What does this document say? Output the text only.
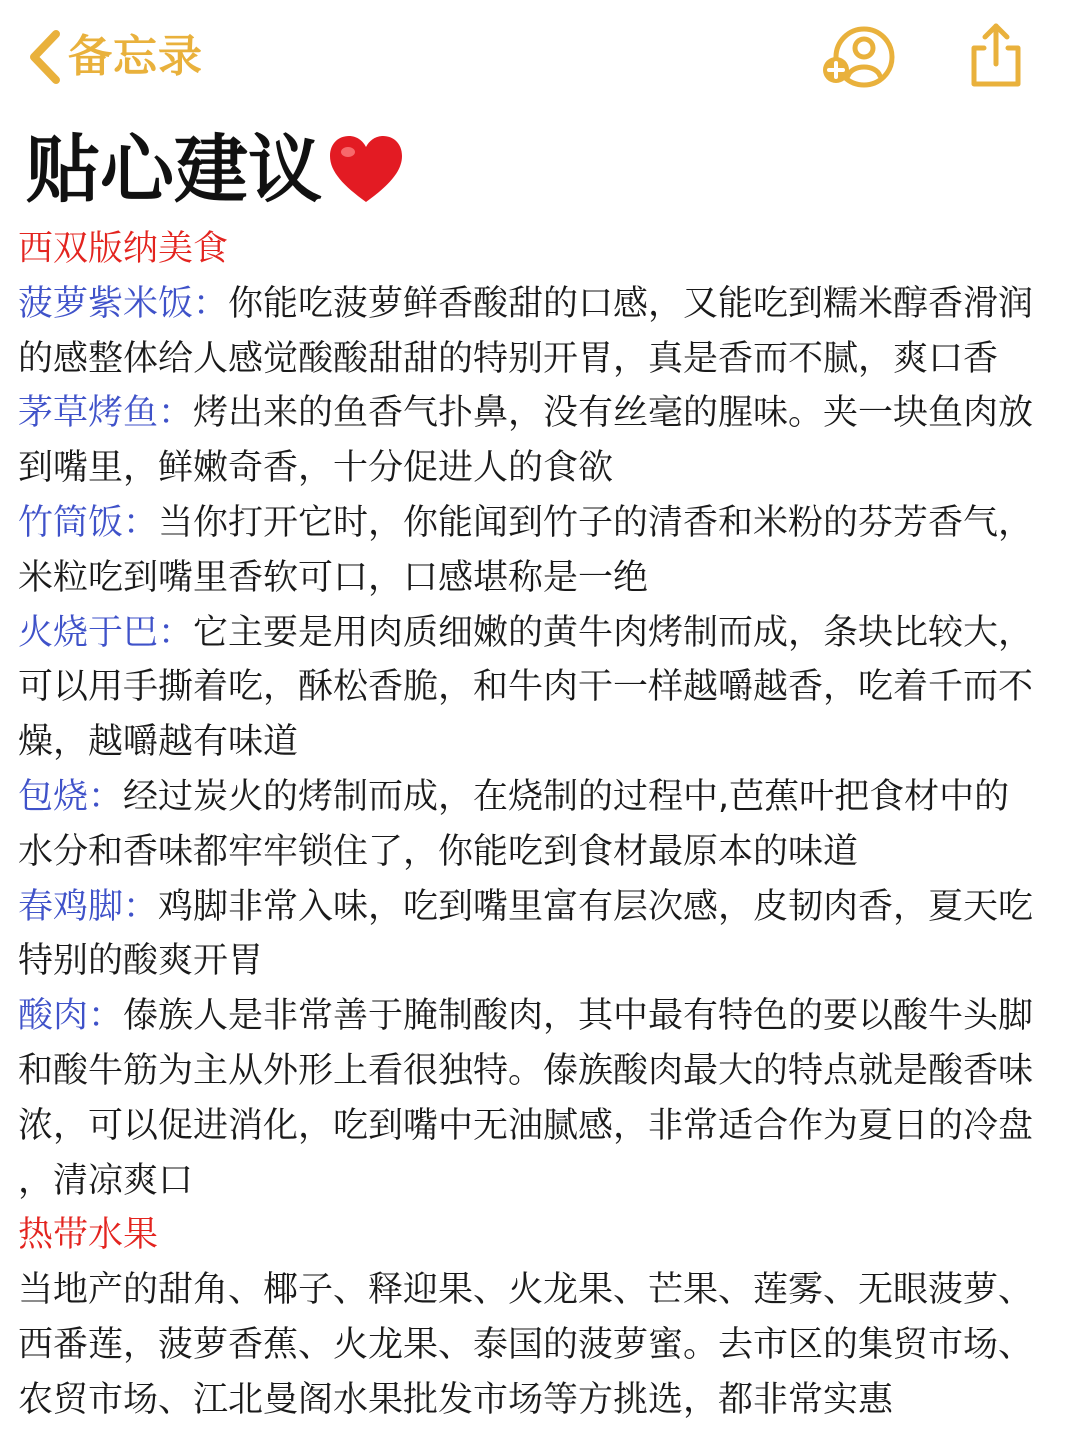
备忘录
贴心建议
西双版纳美食
菠萝紫米饭：你能吃菠萝鲜香酸甜的口感，又能吃到糯米醇香滑润
的感整体给人感觉酸酸甜甜的特别开胃，真是香而不腻，爽口香
茅草烤鱼：烤出来的鱼香气扑鼻，没有丝毫的腥味。夹一块鱼肉放
到嘴里，鲜嫩奇香，十分促进人的食欲
竹筒饭：当你打开它时，你能闻到竹子的清香和米粉的芬芳香气，
米粒吃到嘴里香软可口，口感堪称是一绝
火烧于巴：它主要是用肉质细嫩的黄牛肉烤制而成，条块比较大，
可以用手撕着吃，酥松香脆，和牛肉干一样越嚼越香，吃着千而不
燥，越嚼越有味道
包烧：经过炭火的烤制而成，在烧制的过程中,芭蕉叶把食材中的
水分和香味都牢牢锁住了，你能吃到食材最原本的味道
春鸡脚：鸡脚非常入味，吃到嘴里富有层次感，皮韧肉香，夏天吃
特别的酸爽开胃
酸肉：傣族人是非常善于腌制酸肉，其中最有特色的要以酸牛头脚
和酸牛筋为主从外形上看很独特。傣族酸肉最大的特点就是酸香味
浓，可以促进消化，吃到嘴中无油腻感，非常适合作为夏日的冷盘
，清凉爽口
热带水果
当地产的甜角、椰子、释迎果、火龙果、芒果、莲雾、无眼菠萝、
西番莲，菠萝香蕉、火龙果、泰国的菠萝蜜。去市区的集贸市场、
农贸市场、江北曼阁水果批发市场等方挑选，都非常实惠
